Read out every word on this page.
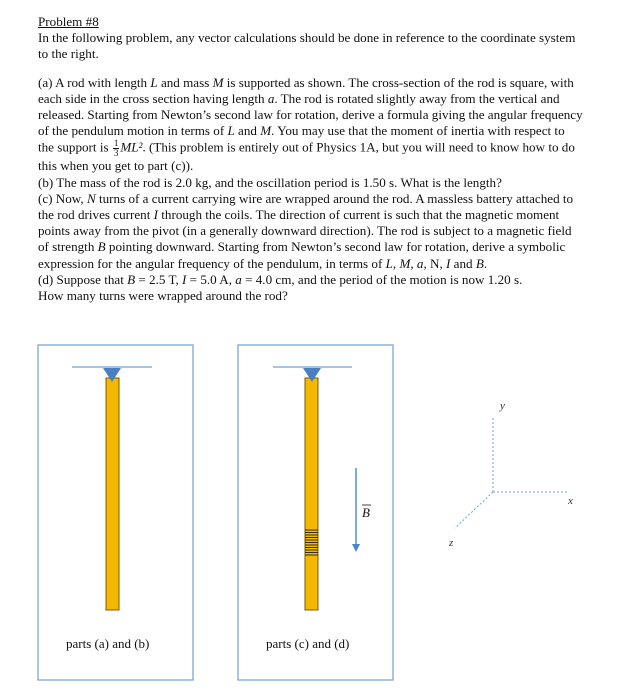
Problem #8

In the following problem, any vector calculations should be done in reference to the coordinate system to the right.

(a) A rod with length L and mass M is supported as shown. The cross-section of the rod is square, with each side in the cross section having length a. The rod is rotated slightly away from the vertical and released. Starting from Newton’s second law for rotation, derive a formula giving the angular frequency of the pendulum motion in terms of L and M. You may use that the moment of inertia with respect to the support is $\frac{1}{3} ML^2$. (This problem is entirely out of Physics 1A, but you will need to know how to do this when you get to part (c)).

(b) The mass of the rod is 2.0 kg, and the oscillation period is 1.50 s. What is the length?

(c) Now, N turns of a current carrying wire are wrapped around the rod. A massless battery attached to the rod drives current I through the coils. The direction of current is such that the magnetic moment points away from the pivot (in a generally downward direction). The rod is subject to a magnetic field of strength B pointing downward. Starting from Newton’s second law for rotation, derive a symbolic expression for the angular frequency of the pendulum, in terms of L, M, a, N, I and B.

(d) Suppose that B = 2.5 T, I = 5.0 A, a = 4.0 cm, and the period of the motion is now 1.20 s.

How many turns were wrapped around the rod?

parts (a) and (b)
B
parts (c) and (d)
y
x
z
